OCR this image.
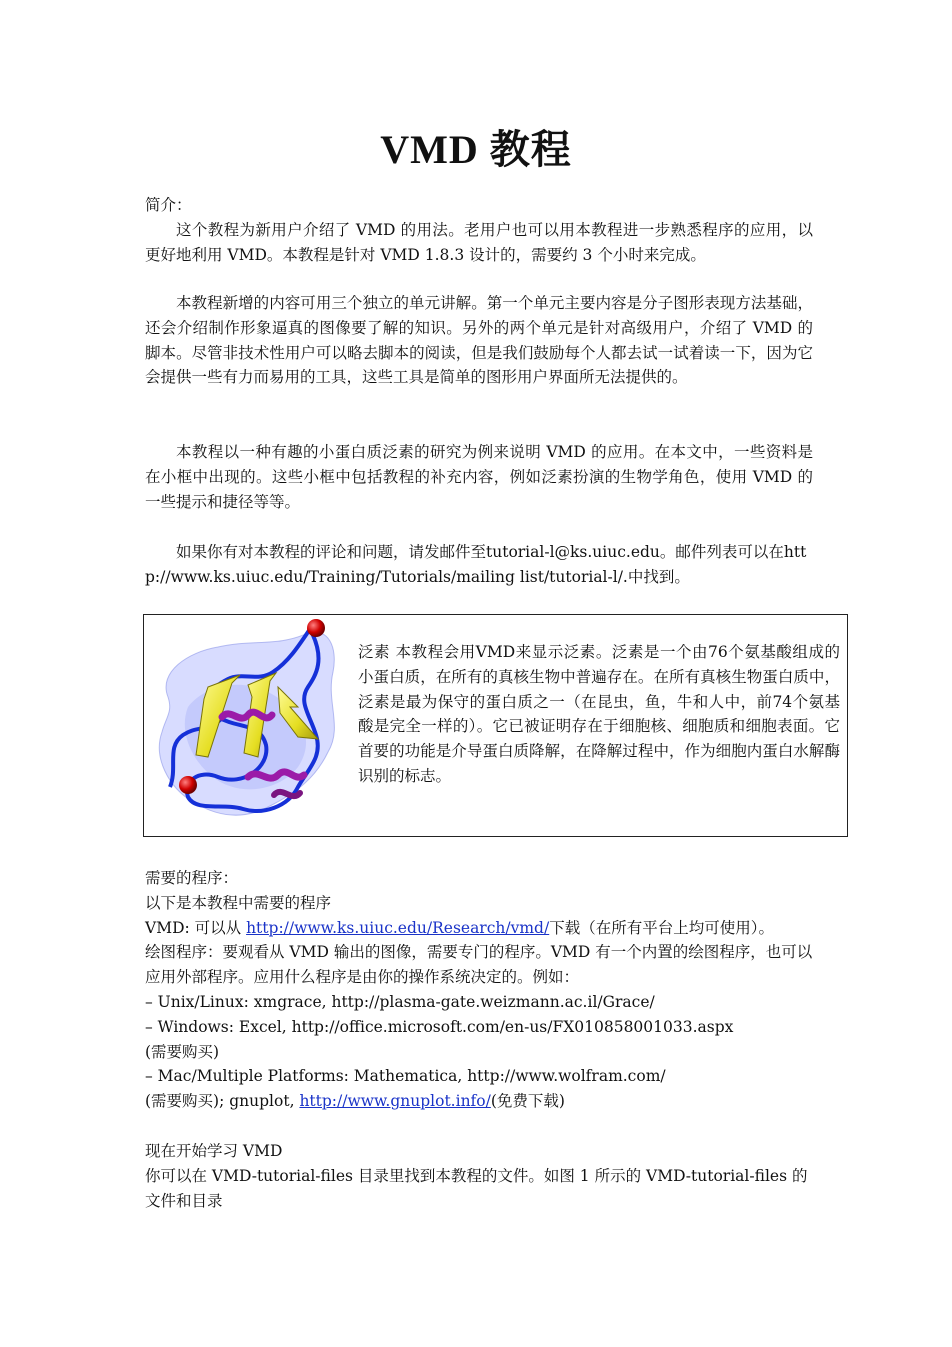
VMD 教程

简介：

这个教程为新用户介绍了 VMD 的用法。老用户也可以用本教程进一步熟悉程序的应用，以更好地利用 VMD。本教程是针对 VMD 1.8.3 设计的，需要约 3 个小时来完成。

本教程新增的内容可用三个独立的单元讲解。第一个单元主要内容是分子图形表现方法基础， 还会介绍制作形象逼真的图像要了解的知识。另外的两个单元是针对高级用户，介绍了 VMD 的脚本。尽管非技术性用户可以略去脚本的阅读，但是我们鼓励每个人都去试一试着读一下，因为它会提供一些有力而易用的工具，这些工具是简单的图形用户界面所无法提供的。

本教程以一种有趣的小蛋白质泛素的研究为例来说明 VMD 的应用。在本文中，一些资料是在小框中出现的。这些小框中包括教程的补充内容，例如泛素扮演的生物学角色，使用 VMD 的一些提示和捷径等等。

如果你有对本教程的评论和问题，请发邮件至tutorial-l@ks.uiuc.edu。邮件列表可以在http://www.ks.uiuc.edu/Training/Tutorials/mailing list/tutorial-l/.中找到。

泛素 本教程会用VMD来显示泛素。泛素是一个由76个氨基酸组成的小蛋白质，在所有的真核生物中普遍存在。在所有真核生物蛋白质中，泛素是最为保守的蛋白质之一（在昆虫，鱼，牛和人中，前74个氨基酸是完全一样的）。它已被证明存在于细胞核、细胞质和细胞表面。它首要的功能是介导蛋白质降解，在降解过程中，作为细胞内蛋白水解酶识别的标志。

需要的程序：

以下是本教程中需要的程序

VMD: 可以从 http://www.ks.uiuc.edu/Research/vmd/下载（在所有平台上均可使用）。

绘图程序：要观看从 VMD 输出的图像，需要专门的程序。VMD 有一个内置的绘图程序，也可以应用外部程序。应用什么程序是由你的操作系统决定的。例如：

– Unix/Linux: xmgrace, http://plasma-gate.weizmann.ac.il/Grace/

– Windows: Excel, http://office.microsoft.com/en-us/FX010858001033.aspx

(需要购买)

– Mac/Multiple Platforms: Mathematica, http://www.wolfram.com/

(需要购买); gnuplot, http://www.gnuplot.info/(免费下载)

现在开始学习 VMD

你可以在 VMD-tutorial-files 目录里找到本教程的文件。如图 1 所示的 VMD-tutorial-files 的文件和目录
